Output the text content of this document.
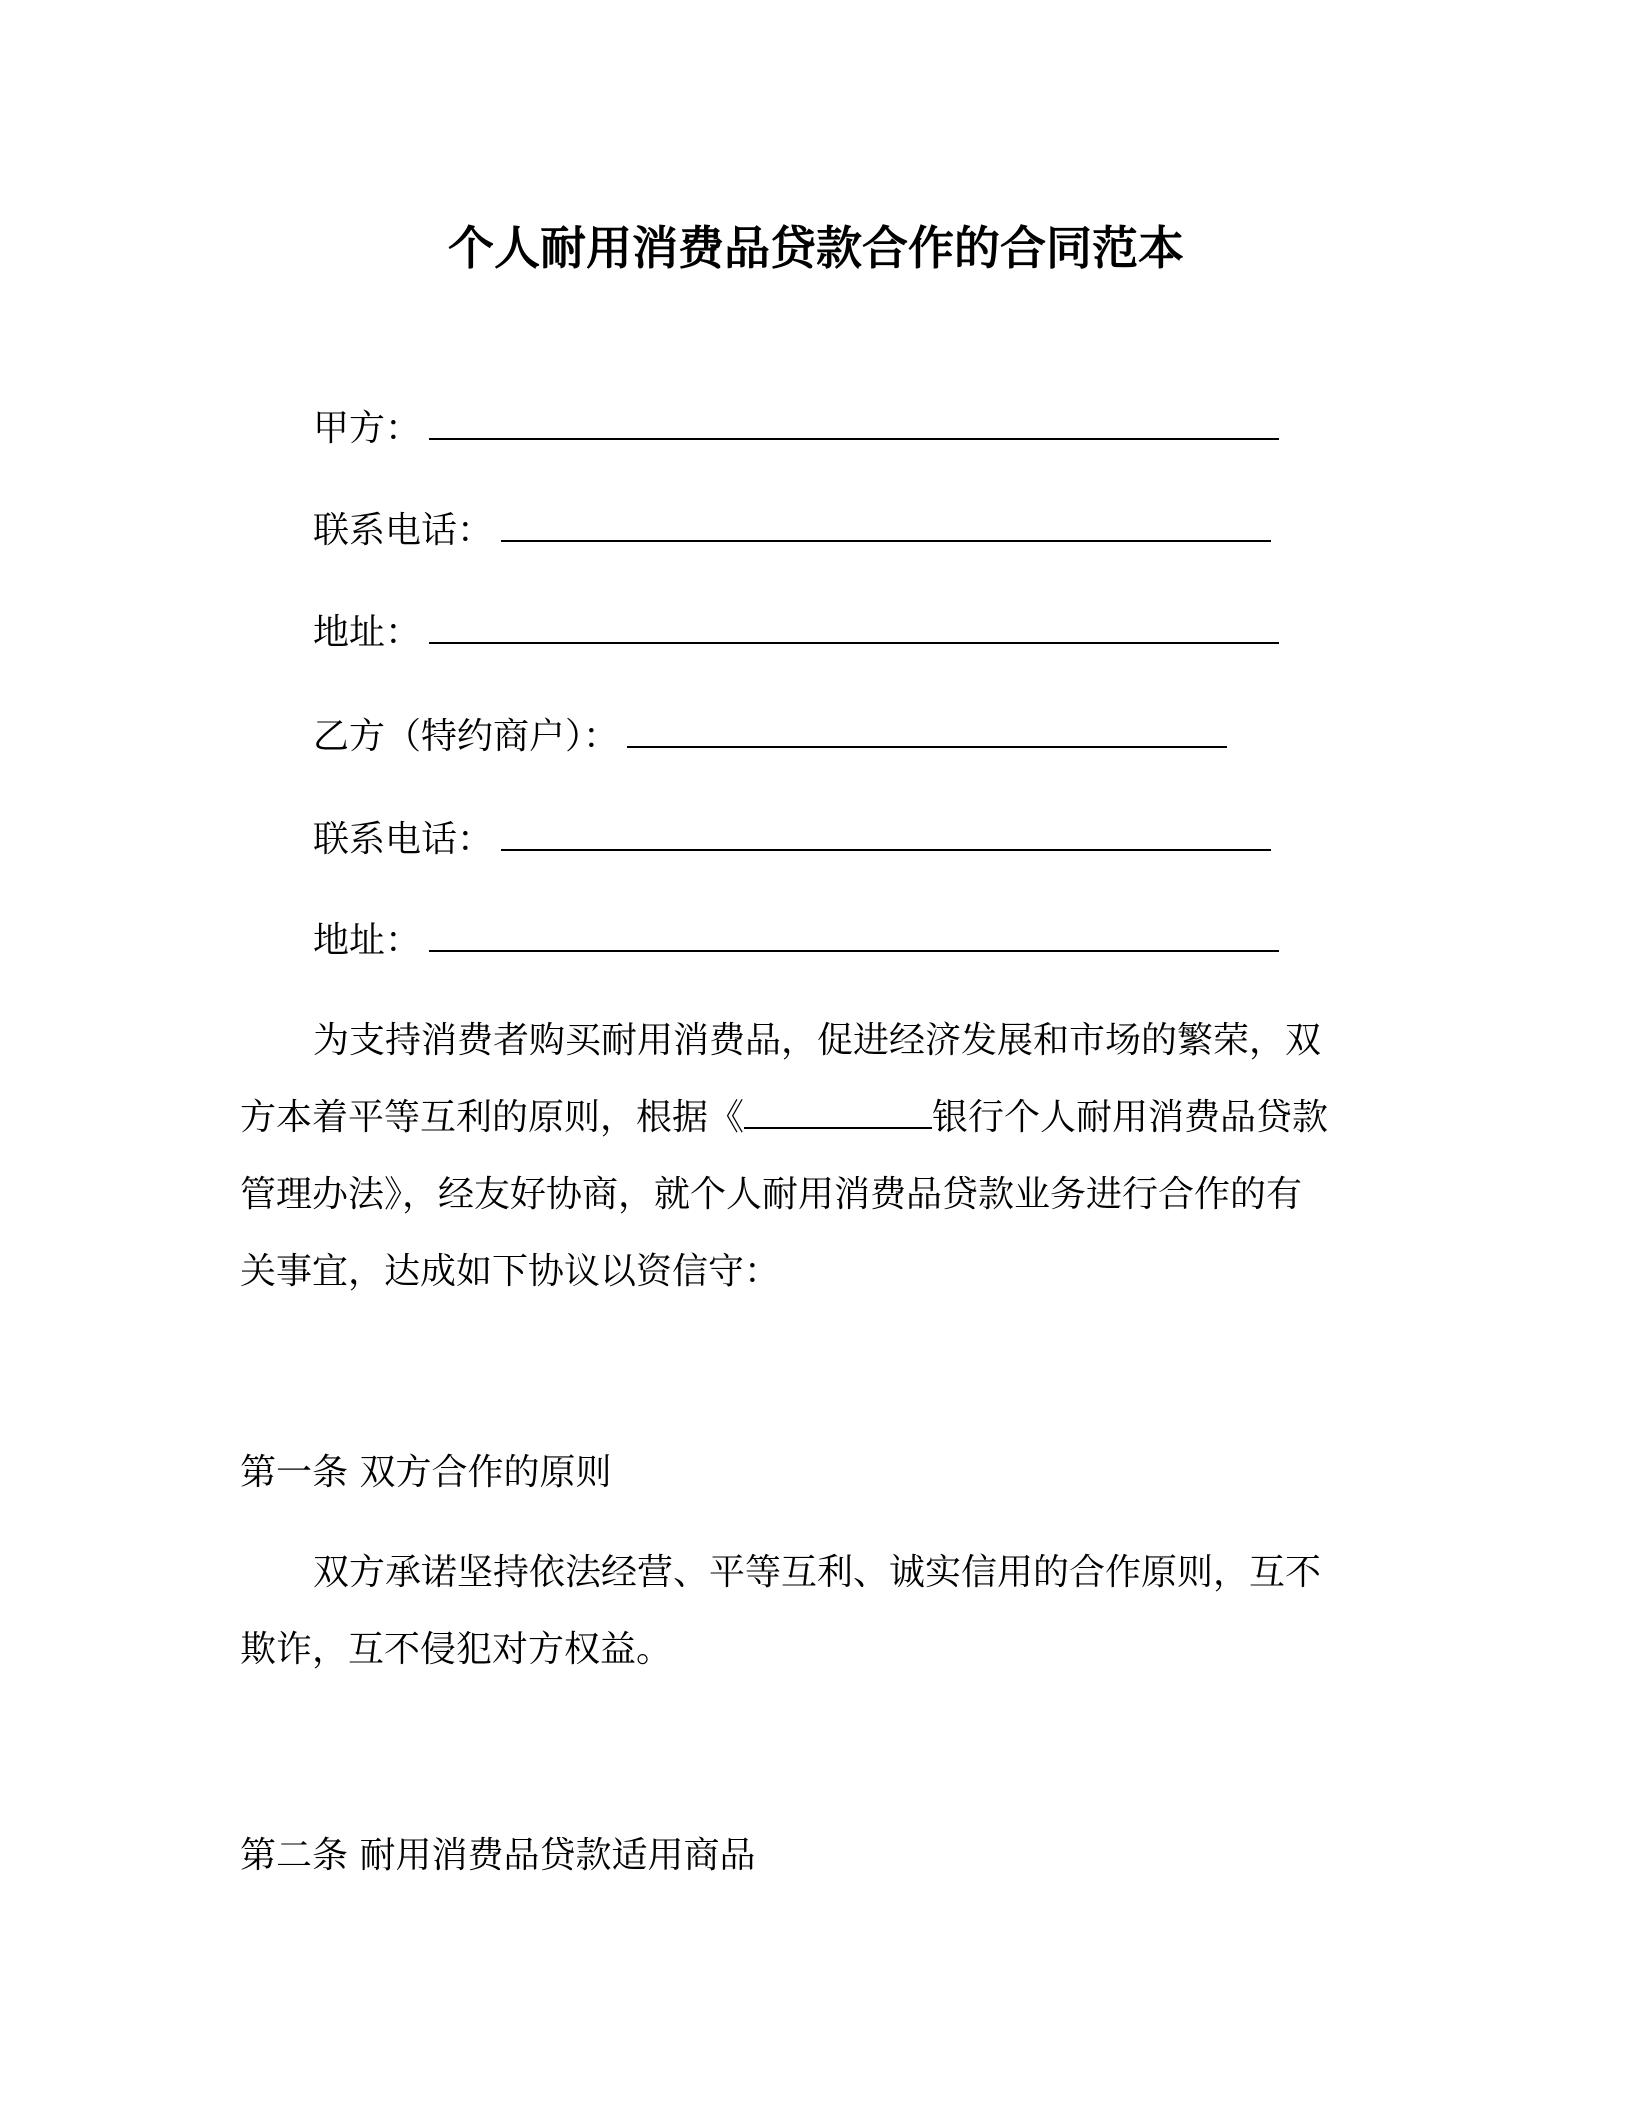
个人耐用消费品贷款合作的合同范本
甲方：
联系电话：
地址：
乙方（特约商户）：
联系电话：
地址：
为支持消费者购买耐用消费品，促进经济发展和市场的繁荣，双
方本着平等互利的原则，根据《	银行个人耐用消费品贷款
管理办法》，经友好协商，就个人耐用消费品贷款业务进行合作的有
关事宜，达成如下协议以资信守：
第一条 双方合作的原则
双方承诺坚持依法经营、平等互利、诚实信用的合作原则，互不
欺诈，互不侵犯对方权益。
第二条 耐用消费品贷款适用商品
